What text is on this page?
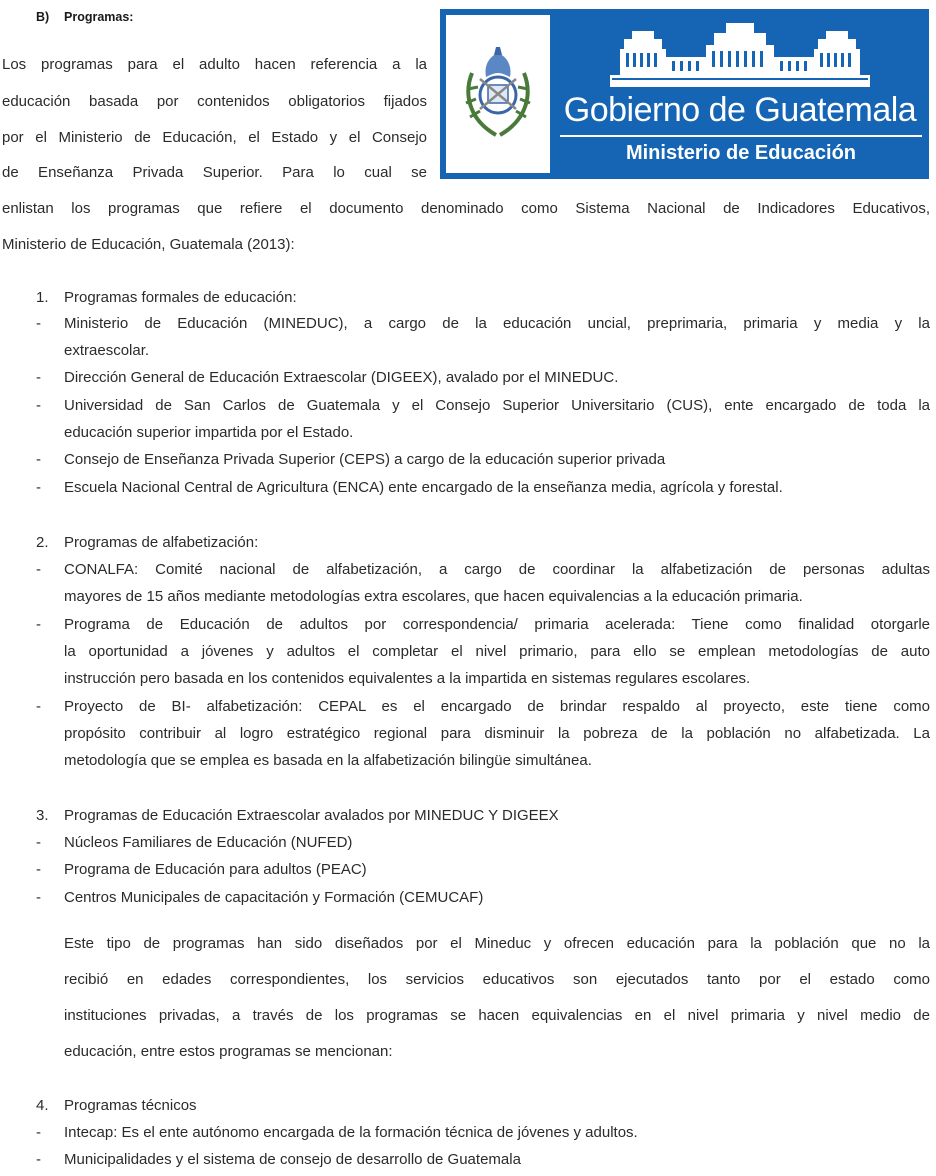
B) Programas:
Los programas para el adulto hacen referencia a la
educación basada por contenidos obligatorios fijados
por el Ministerio de Educación, el Estado y el Consejo
de Enseñanza Privada Superior. Para lo cual se
enlistan los programas que refiere el documento denominado como Sistema Nacional de Indicadores Educativos,
Ministerio de Educación, Guatemala (2013):
Gobierno de Guatemala
Ministerio de Educación
1. Programas formales de educación:
- Ministerio de Educación (MINEDUC), a cargo de la educación uncial, preprimaria, primaria y media y la
extraescolar.
- Dirección General de Educación Extraescolar (DIGEEX), avalado por el MINEDUC.
- Universidad de San Carlos de Guatemala y el Consejo Superior Universitario (CUS), ente encargado de toda la
educación superior impartida por el Estado.
- Consejo de Enseñanza Privada Superior (CEPS) a cargo de la educación superior privada
- Escuela Nacional Central de Agricultura (ENCA) ente encargado de la enseñanza media, agrícola y forestal.
2. Programas de alfabetización:
- CONALFA: Comité nacional de alfabetización, a cargo de coordinar la alfabetización de personas adultas
mayores de 15 años mediante metodologías extra escolares, que hacen equivalencias a la educación primaria.
- Programa de Educación de adultos por correspondencia/ primaria acelerada: Tiene como finalidad otorgarle
la oportunidad a jóvenes y adultos el completar el nivel primario, para ello se emplean metodologías de auto
instrucción pero basada en los contenidos equivalentes a la impartida en sistemas regulares escolares.
- Proyecto de BI- alfabetización: CEPAL es el encargado de brindar respaldo al proyecto, este tiene como
propósito contribuir al logro estratégico regional para disminuir la pobreza de la población no alfabetizada. La
metodología que se emplea es basada en la alfabetización bilingüe simultánea.
3. Programas de Educación Extraescolar avalados por MINEDUC Y DIGEEX
- Núcleos Familiares de Educación (NUFED)
- Programa de Educación para adultos (PEAC)
- Centros Municipales de capacitación y Formación (CEMUCAF)
Este tipo de programas han sido diseñados por el Mineduc y ofrecen educación para la población que no la
recibió en edades correspondientes, los servicios educativos son ejecutados tanto por el estado como
instituciones privadas, a través de los programas se hacen equivalencias en el nivel primaria y nivel medio de
educación, entre estos programas se mencionan:
4. Programas técnicos
- Intecap: Es el ente autónomo encargada de la formación técnica de jóvenes y adultos.
- Municipalidades y el sistema de consejo de desarrollo de Guatemala
